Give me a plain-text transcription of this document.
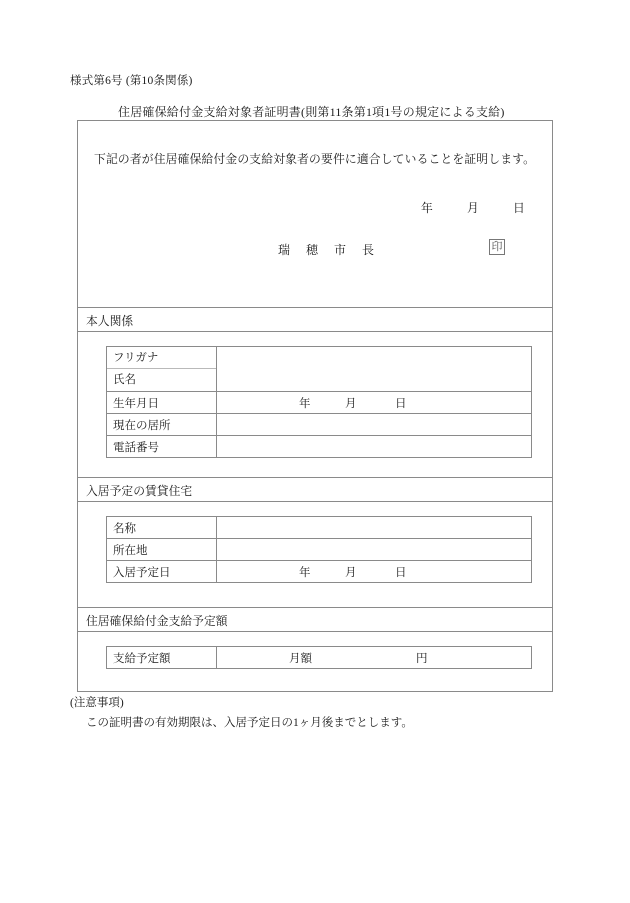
様式第6号 (第10条関係)
住居確保給付金支給対象者証明書(則第11条第1項1号の規定による支給)
下記の者が住居確保給付金の支給対象者の要件に適合していることを証明します。
年	月	日
瑞 穂 市 長	印
本人関係
フリガナ
氏名	

生年月日	年 月 日
現在の居所	
電話番号	
入居予定の賃貸住宅
名称	
所在地	
入居予定日	年 月 日
住居確保給付金支給予定額
支給予定額	月額	円
(注意事項)
この証明書の有効期限は、入居予定日の1ヶ月後までとします。
